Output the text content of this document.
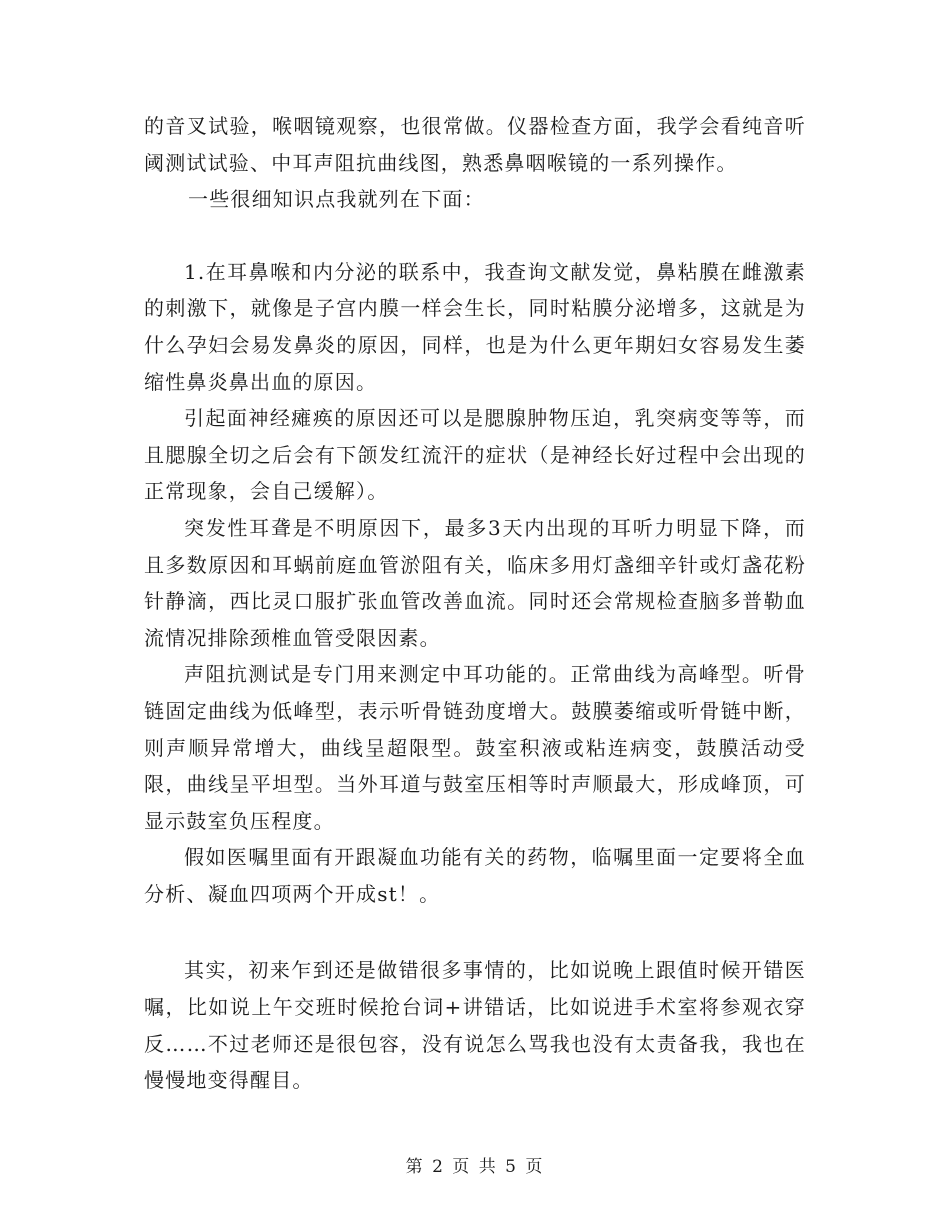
的音叉试验，喉咽镜观察，也很常做。仪器检查方面，我学会看纯音听阈测试试验、中耳声阻抗曲线图，熟悉鼻咽喉镜的一系列操作。

一些很细知识点我就列在下面：

1.在耳鼻喉和内分泌的联系中，我查询文献发觉，鼻粘膜在雌激素的刺激下，就像是子宫内膜一样会生长，同时粘膜分泌增多，这就是为什么孕妇会易发鼻炎的原因，同样，也是为什么更年期妇女容易发生萎缩性鼻炎鼻出血的原因。

引起面神经瘫痪的原因还可以是腮腺肿物压迫，乳突病变等等，而且腮腺全切之后会有下颌发红流汗的症状（是神经长好过程中会出现的正常现象，会自己缓解）。

突发性耳聋是不明原因下，最多3天内出现的耳听力明显下降，而且多数原因和耳蜗前庭血管淤阻有关，临床多用灯盏细辛针或灯盏花粉针静滴，西比灵口服扩张血管改善血流。同时还会常规检查脑多普勒血流情况排除颈椎血管受限因素。

声阻抗测试是专门用来测定中耳功能的。正常曲线为高峰型。听骨链固定曲线为低峰型，表示听骨链劲度增大。鼓膜萎缩或听骨链中断，则声顺异常增大，曲线呈超限型。鼓室积液或粘连病变，鼓膜活动受限，曲线呈平坦型。当外耳道与鼓室压相等时声顺最大，形成峰顶，可显示鼓室负压程度。

假如医嘱里面有开跟凝血功能有关的药物，临嘱里面一定要将全血分析、凝血四项两个开成st！。

其实，初来乍到还是做错很多事情的，比如说晚上跟值时候开错医嘱，比如说上午交班时候抢台词+讲错话，比如说进手术室将参观衣穿反……不过老师还是很包容，没有说怎么骂我也没有太责备我，我也在慢慢地变得醒目。

第 2 页 共 5 页
